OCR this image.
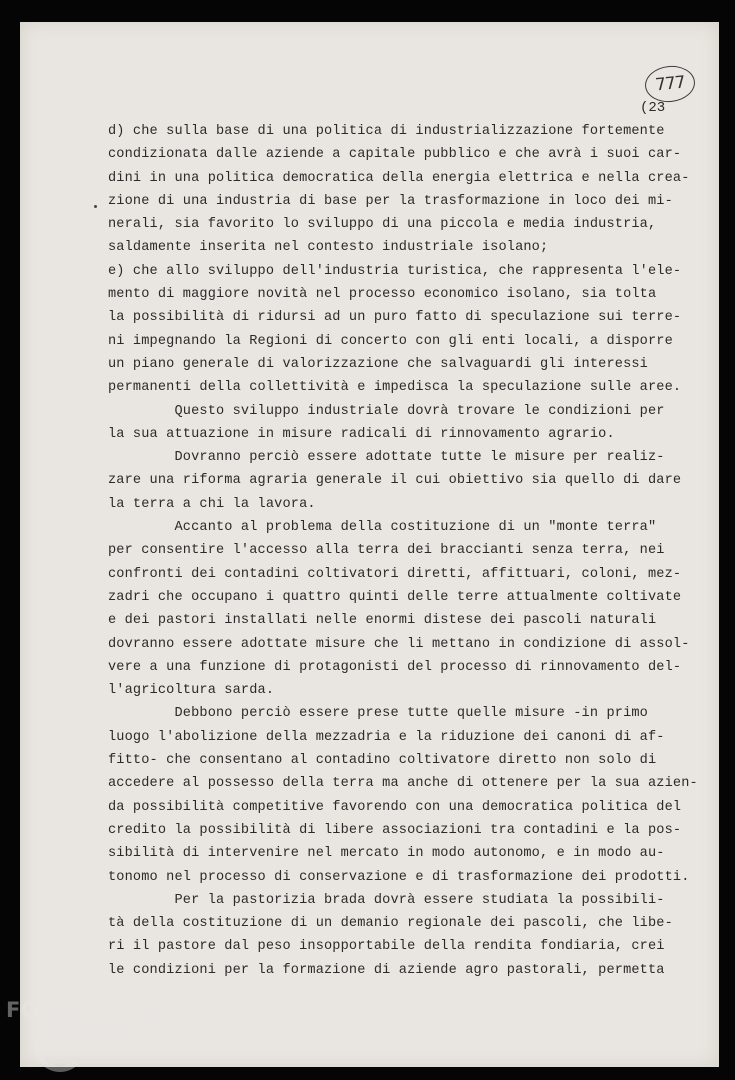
777
(23
d) che sulla base di una politica di industrializzazione fortemente
condizionata dalle aziende a capitale pubblico e che avrà i suoi car-
dini in una politica democratica della energia elettrica e nella crea-
zione di una industria di base per la trasformazione in loco dei mi-
nerali, sia favorito lo sviluppo di una piccola e media industria,
saldamente inserita nel contesto industriale isolano;
e) che allo sviluppo dell'industria turistica, che rappresenta l'ele-
mento di maggiore novità nel processo economico isolano, sia tolta
la possibilità di ridursi ad un puro fatto di speculazione sui terre-
ni impegnando la Regioni di concerto con gli enti locali, a disporre
un piano generale di valorizzazione che salvaguardi gli interessi
permanenti della collettività e impedisca la speculazione sulle aree.
Questo sviluppo industriale dovrà trovare le condizioni per
la sua attuazione in misure radicali di rinnovamento agrario.
Dovranno perciò essere adottate tutte le misure per realiz-
zare una riforma agraria generale il cui obiettivo sia quello di dare
la terra a chi la lavora.
Accanto al problema della costituzione di un "monte terra"
per consentire l'accesso alla terra dei braccianti senza terra, nei
confronti dei contadini coltivatori diretti, affittuari, coloni, mez-
zadri che occupano i quattro quinti delle terre attualmente coltivate
e dei pastori installati nelle enormi distese dei pascoli naturali
dovranno essere adottate misure che li mettano in condizione di assol-
vere a una funzione di protagonisti del processo di rinnovamento del-
l'agricoltura sarda.
Debbono perciò essere prese tutte quelle misure -in primo
luogo l'abolizione della mezzadria e la riduzione dei canoni di af-
fitto- che consentano al contadino coltivatore diretto non solo di
accedere al possesso della terra ma anche di ottenere per la sua azien-
da possibilità competitive favorendo con una democratica politica del
credito la possibilità di libere associazioni tra contadini e la pos-
sibilità di intervenire nel mercato in modo autonomo, e in modo au-
tonomo nel processo di conservazione e di trasformazione dei prodotti.
Per la pastorizia brada dovrà essere studiata la possibili-
tà della costituzione di un demanio regionale dei pascoli, che libe-
ri il pastore dal peso insopportabile della rendita fondiaria, crei
le condizioni per la formazione di aziende agro pastorali, permetta
FONDAZIONE
RAMSCI
onlus
